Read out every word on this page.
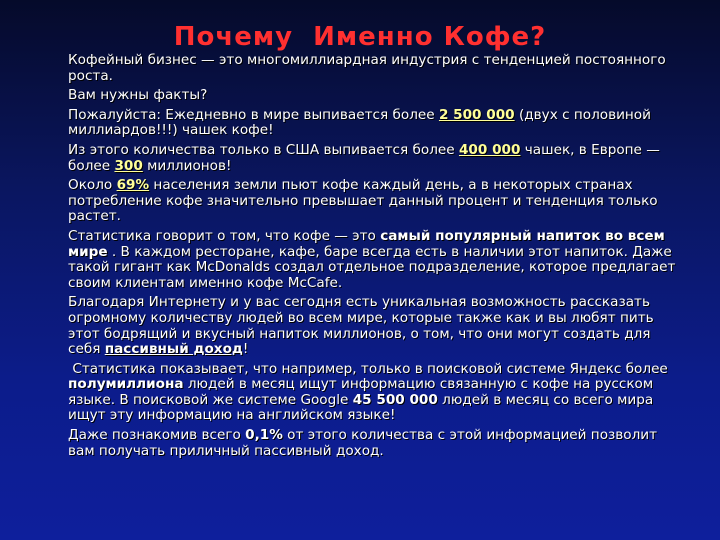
Почему  Именно Кофе?

Кофейный бизнес — это многомиллиардная индустрия с тенденцией постоянного роста.

Вам нужны факты?

Пожалуйста: Ежедневно в мире выпивается более 2 500 000 (двух с половиной миллиардов!!!) чашек кофе!

Из этого количества только в США выпивается более 400 000 чашек, в Европе — более 300 миллионов!

Около 69% населения земли пьют кофе каждый день, а в некоторых странах потребление кофе значительно превышает данный процент и тенденция только растет.

Статистика говорит о том, что кофе — это самый популярный напиток во всем мире . В каждом ресторане, кафе, баре всегда есть в наличии этот напиток. Даже такой гигант как McDonalds создал отдельное подразделение, которое предлагает своим клиентам именно кофе McCafe.

Благодаря Интернету и у вас сегодня есть уникальная возможность рассказать огромному количеству людей во всем мире, которые также как и вы любят пить этот бодрящий и вкусный напиток миллионов, о том, что они могут создать для себя пассивный доход!

Статистика показывает, что например, только в поисковой системе Яндекс более полумиллиона людей в месяц ищут информацию связанную с кофе на русском языке. В поисковой же системе Google 45 500 000 людей в месяц со всего мира ищут эту информацию на английском языке!

Даже познакомив всего 0,1% от этого количества с этой информацией позволит вам получать приличный пассивный доход.
